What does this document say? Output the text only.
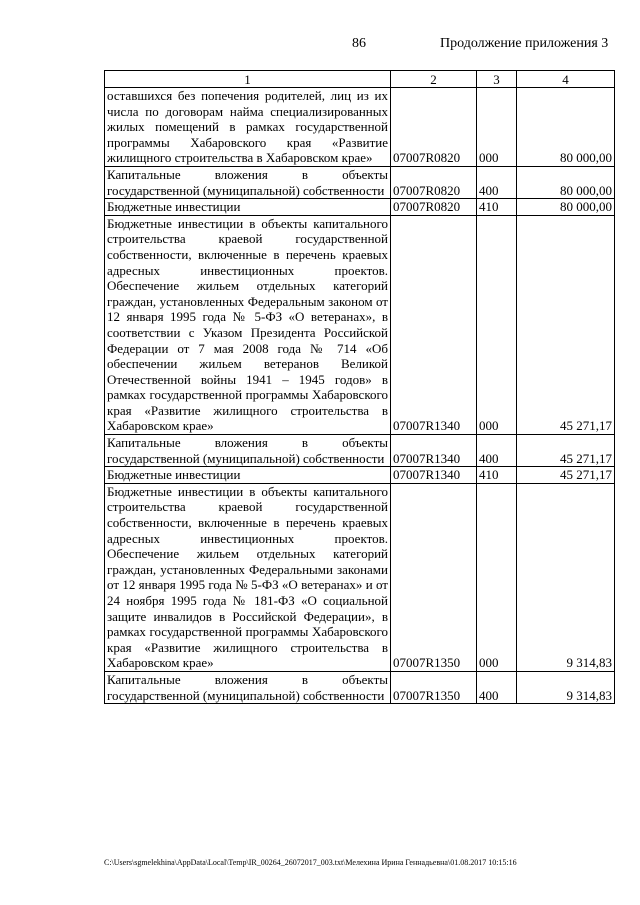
86	Продолжение приложения 3
1	2	3	4
оставшихся без попечения родителей, лиц из их числа по договорам найма специализированных жилых помещений в рамках государственной программы Хабаровского края «Развитие жилищного строительства в Хабаровском крае»	07007R0820	000	80 000,00
Капитальные вложения в объекты государственной (муниципальной) собственности	07007R0820	400	80 000,00
Бюджетные инвестиции	07007R0820	410	80 000,00
Бюджетные инвестиции в объекты капитального строительства краевой государственной собственности, включенные в перечень краевых адресных инвестиционных проектов. Обеспечение жильем отдельных категорий граждан, установленных Федеральным законом от 12 января 1995 года № 5-ФЗ «О ветеранах», в соответствии с Указом Президента Российской Федерации от 7 мая 2008 года № 714 «Об обеспечении жильем ветеранов Великой Отечественной войны 1941 – 1945 годов» в рамках государственной программы Хабаровского края «Развитие жилищного строительства в Хабаровском крае»	07007R1340	000	45 271,17
Капитальные вложения в объекты государственной (муниципальной) собственности	07007R1340	400	45 271,17
Бюджетные инвестиции	07007R1340	410	45 271,17
Бюджетные инвестиции в объекты капитального строительства краевой государственной собственности, включенные в перечень краевых адресных инвестиционных проектов. Обеспечение жильем отдельных категорий граждан, установленных Федеральными законами от 12 января 1995 года № 5-ФЗ «О ветеранах» и от 24 ноября 1995 года № 181-ФЗ «О социальной защите инвалидов в Российской Федерации», в рамках государственной программы Хабаровского края «Развитие жилищного строительства в Хабаровском крае»	07007R1350	000	9 314,83
Капитальные вложения в объекты государственной (муниципальной) собственности	07007R1350	400	9 314,83
C:\Users\sgmelekhina\AppData\Local\Temp\IR_00264_26072017_003.txt\Мелехина Ирина Геннадьевна\01.08.2017 10:15:16
